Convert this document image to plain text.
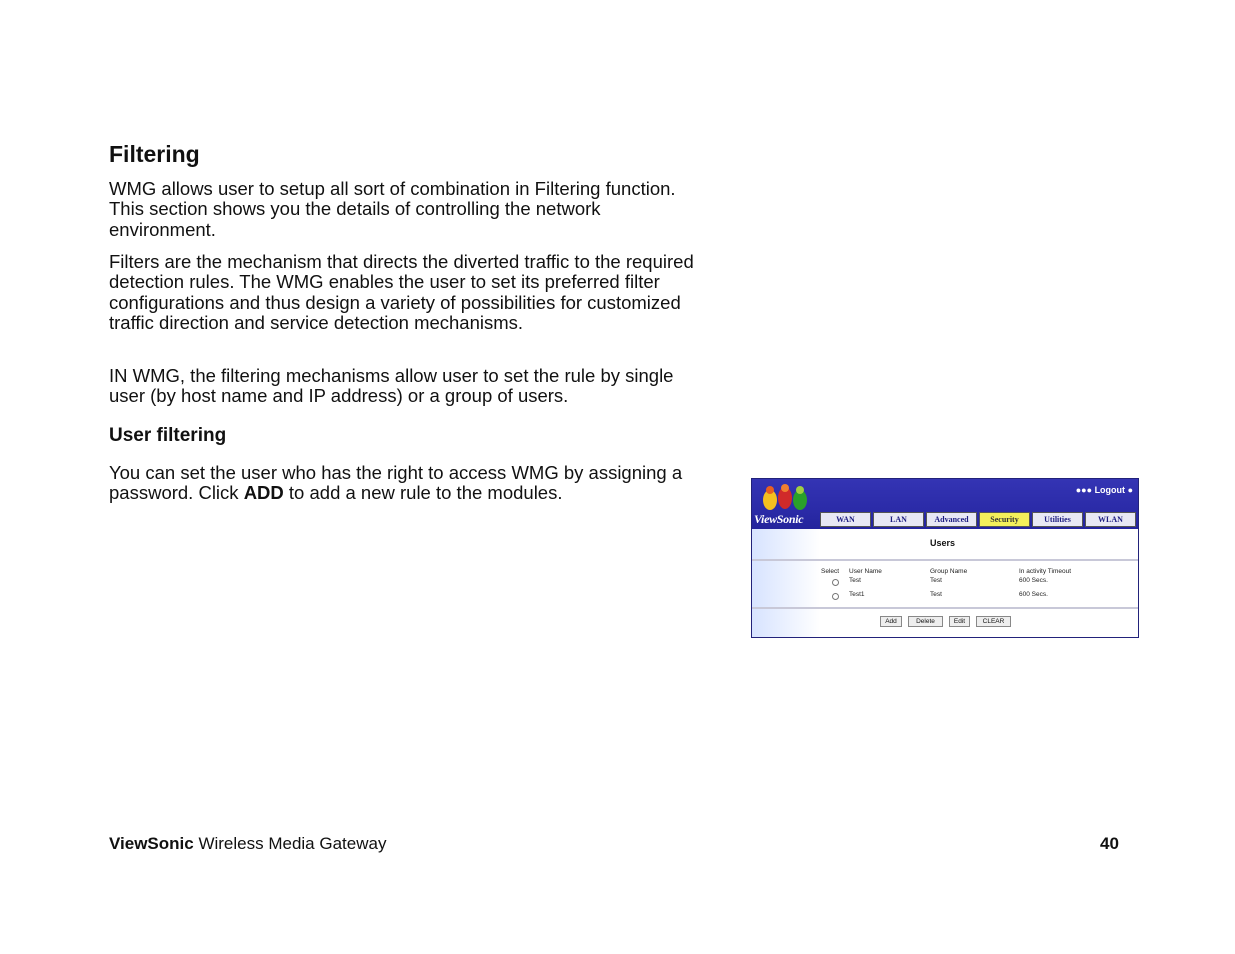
Filtering
WMG allows user to setup all sort of combination in Filtering function. This section shows you the details of controlling the network environment.
Filters are the mechanism that directs the diverted traffic to the required detection rules. The WMG enables the user to set its preferred filter configurations and thus design a variety of possibilities for customized traffic direction and service detection mechanisms.
IN WMG, the filtering mechanisms allow user to set the rule by single user (by host name and IP address) or a group of users.
User filtering
You can set the user who has the right to access WMG by assigning a password. Click ADD to add a new rule to the modules.
ViewSonic
●●● Logout ●
WAN	LAN	Advanced	Security	Utilities	WLAN
Users
Select User Name	Group Name	In activity Timeout
Test	Test	600 Secs.
Test1	Test	600 Secs.
Add	Delete	Edit	CLEAR
ViewSonic Wireless Media Gateway	40
